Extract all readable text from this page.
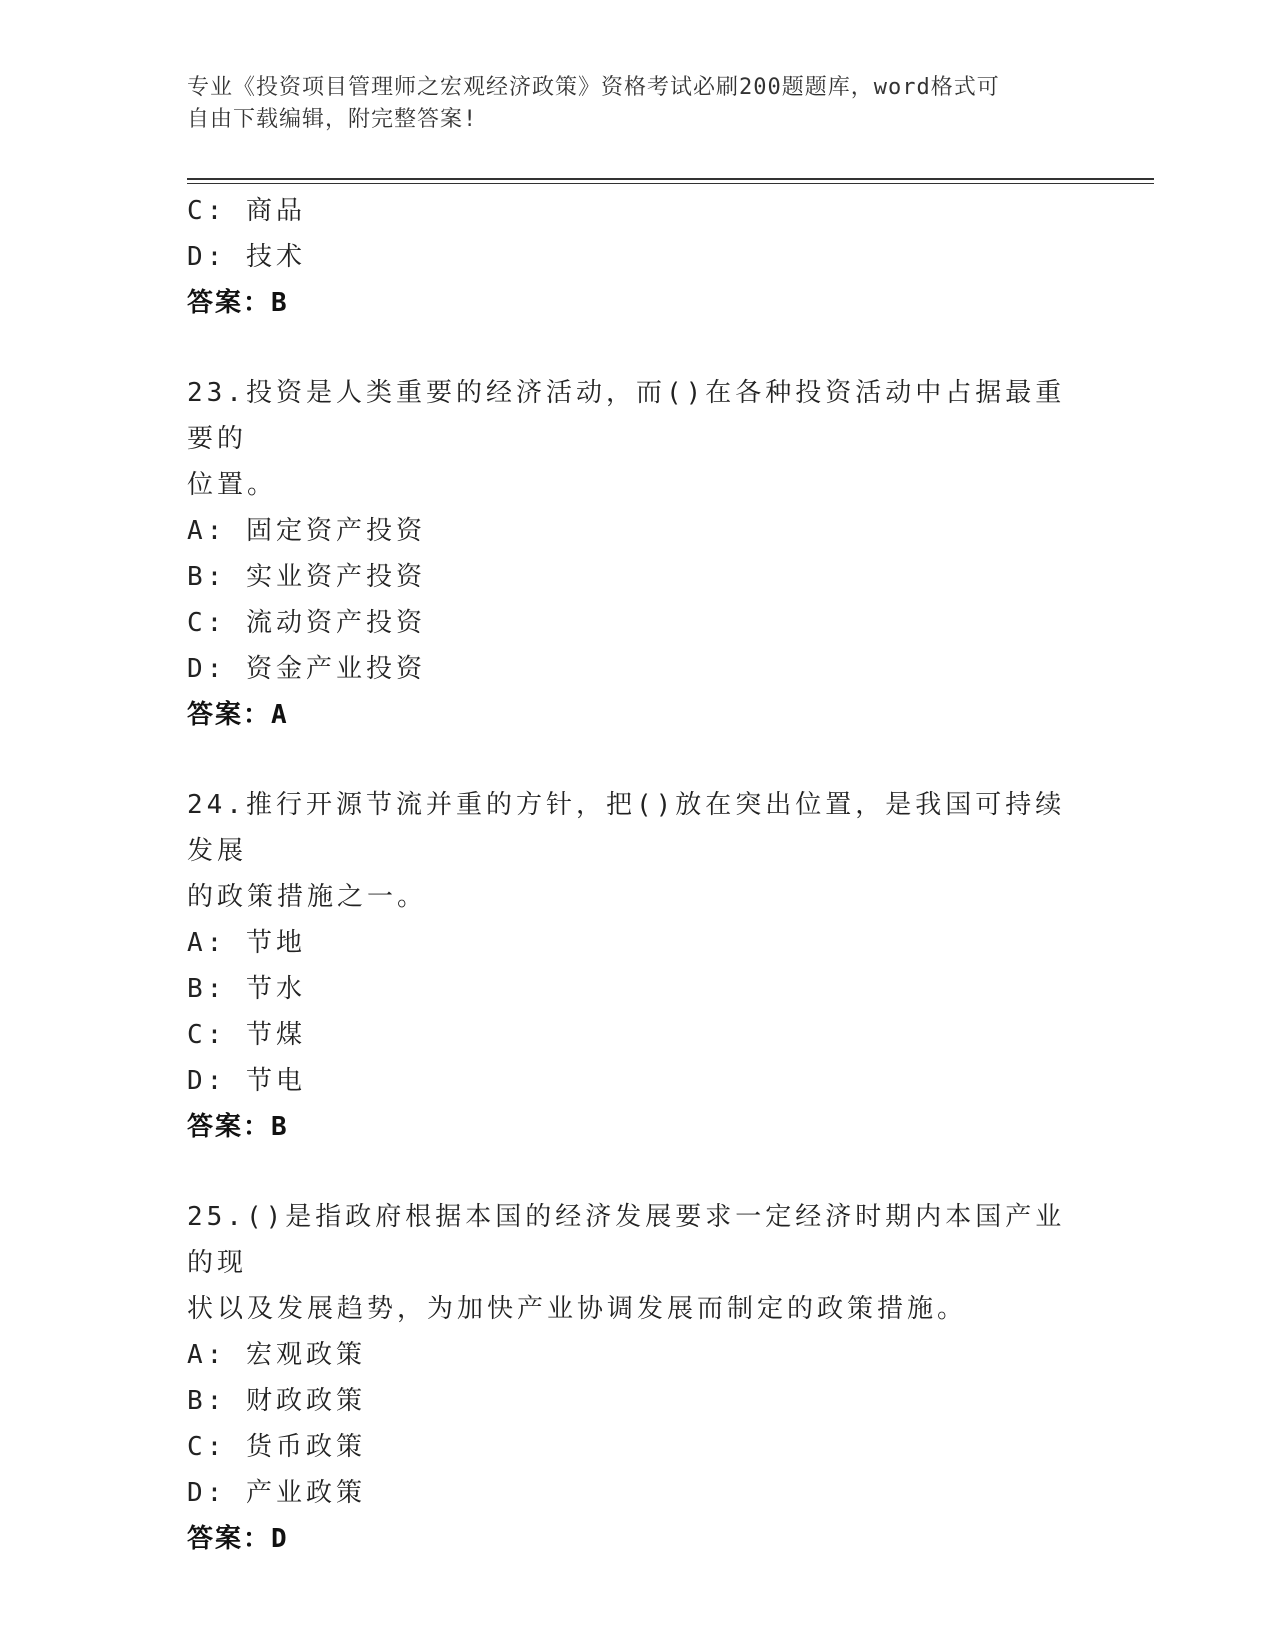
专业《投资项目管理师之宏观经济政策》资格考试必刷200题题库，word格式可
自由下载编辑，附完整答案!
C: 商品
D: 技术
答案：B
23.投资是人类重要的经济活动，而()在各种投资活动中占据最重要的
位置。
A: 固定资产投资
B: 实业资产投资
C: 流动资产投资
D: 资金产业投资
答案：A
24.推行开源节流并重的方针，把()放在突出位置，是我国可持续发展
的政策措施之一。
A: 节地
B: 节水
C: 节煤
D: 节电
答案：B
25.()是指政府根据本国的经济发展要求一定经济时期内本国产业的现
状以及发展趋势，为加快产业协调发展而制定的政策措施。
A: 宏观政策
B: 财政政策
C: 货币政策
D: 产业政策
答案：D
